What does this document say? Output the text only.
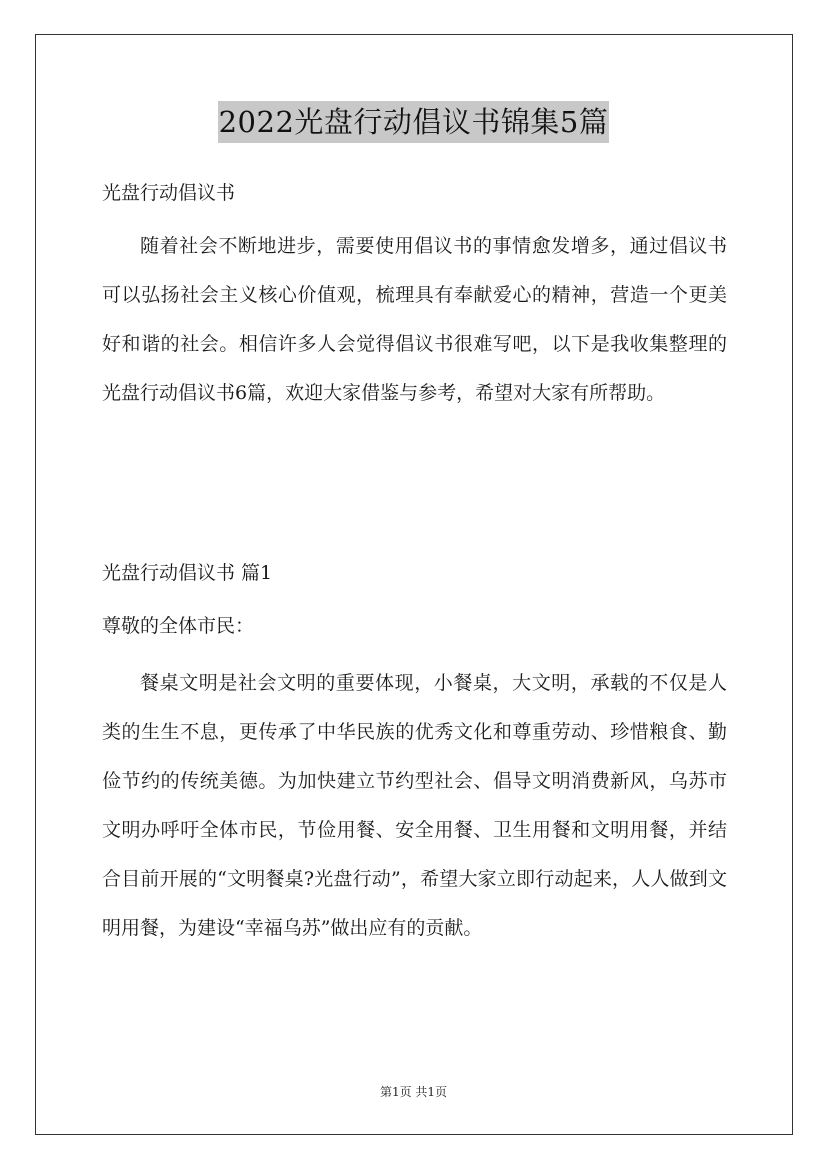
2022光盘行动倡议书锦集5篇

光盘行动倡议书

随着社会不断地进步，需要使用倡议书的事情愈发增多，通过倡议书可以弘扬社会主义核心价值观，梳理具有奉献爱心的精神，营造一个更美好和谐的社会。相信许多人会觉得倡议书很难写吧，以下是我收集整理的光盘行动倡议书6篇，欢迎大家借鉴与参考，希望对大家有所帮助。

光盘行动倡议书 篇1

尊敬的全体市民：

餐桌文明是社会文明的重要体现，小餐桌，大文明，承载的不仅是人类的生生不息，更传承了中华民族的优秀文化和尊重劳动、珍惜粮食、勤俭节约的传统美德。为加快建立节约型社会、倡导文明消费新风，乌苏市文明办呼吁全体市民，节俭用餐、安全用餐、卫生用餐和文明用餐，并结合目前开展的“文明餐桌?光盘行动”，希望大家立即行动起来，人人做到文明用餐，为建设“幸福乌苏”做出应有的贡献。

第1页 共1页
